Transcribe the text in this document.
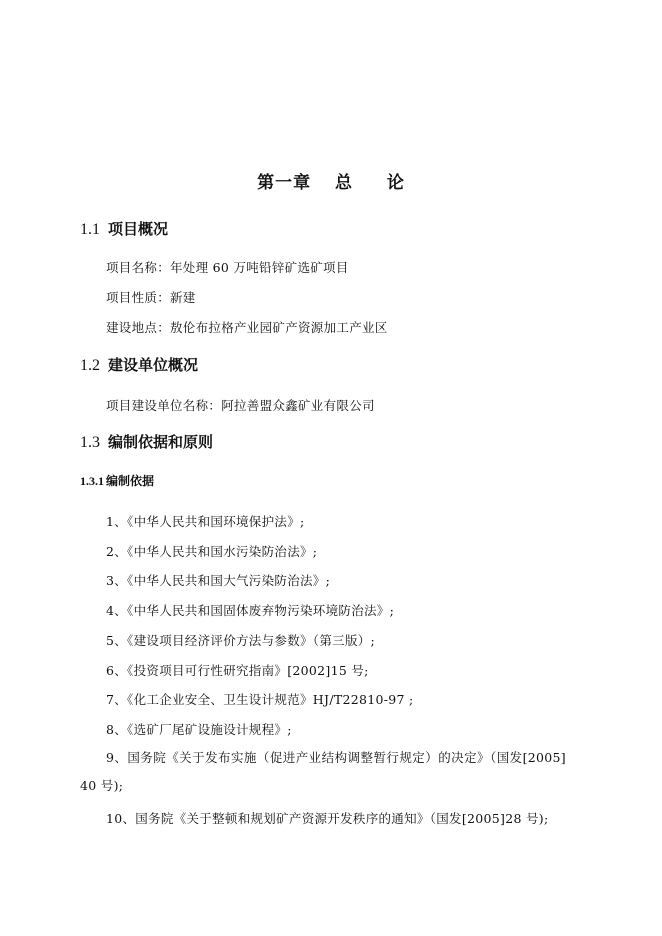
第一章 总 论
1.1 项目概况
项目名称：年处理 60 万吨铅锌矿选矿项目
项目性质：新建
建设地点：敖伦布拉格产业园矿产资源加工产业区
1.2 建设单位概况
项目建设单位名称：阿拉善盟众鑫矿业有限公司
1.3 编制依据和原则
1.3.1 编制依据
1、《中华人民共和国环境保护法》;
2、《中华人民共和国水污染防治法》;
3、《中华人民共和国大气污染防治法》;
4、《中华人民共和国固体废弃物污染环境防治法》;
5、《建设项目经济评价方法与参数》（第三版）;
6、《投资项目可行性研究指南》[2002]15 号;
7、《化工企业安全、卫生设计规范》HJ/T22810-97 ;
8、《选矿厂尾矿设施设计规程》;
9、国务院《关于发布实施（促进产业结构调整暂行规定）的决定》（国发[2005] 40 号);
10、国务院《关于整顿和规划矿产资源开发秩序的通知》（国发[2005]28 号);
